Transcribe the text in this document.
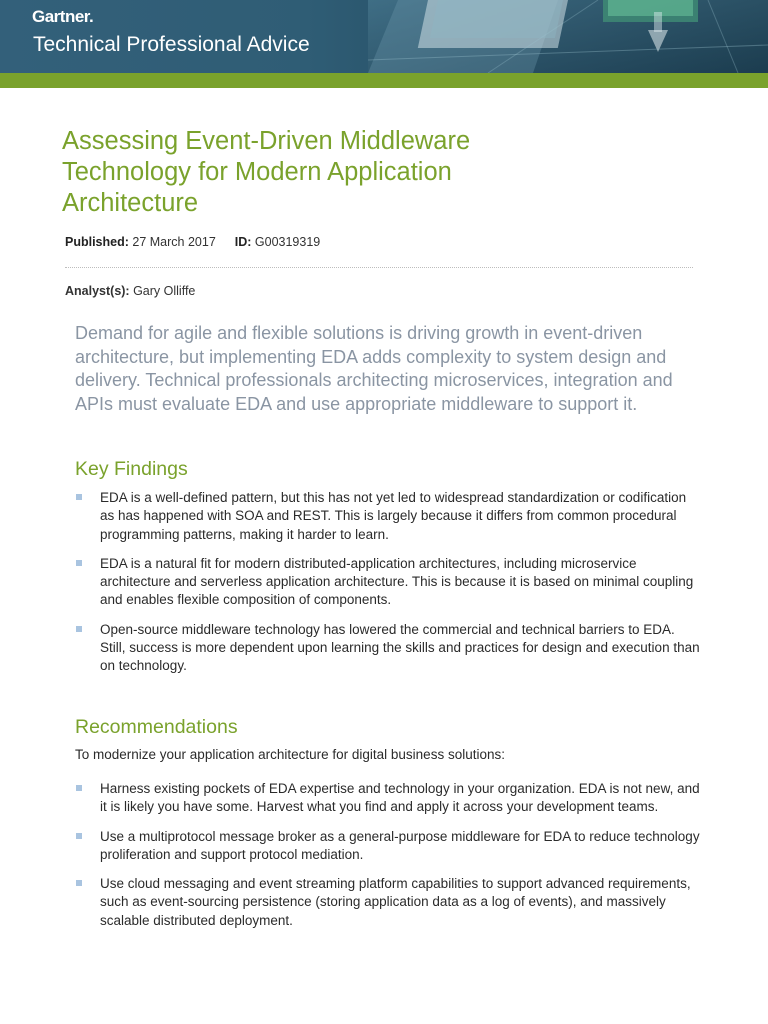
Gartner.
Technical Professional Advice
Assessing Event-Driven Middleware Technology for Modern Application Architecture
Published: 27 March 2017 ID: G00319319
Analyst(s): Gary Olliffe

Demand for agile and flexible solutions is driving growth in event-driven architecture, but implementing EDA adds complexity to system design and delivery. Technical professionals architecting microservices, integration and APIs must evaluate EDA and use appropriate middleware to support it.

Key Findings
EDA is a well-defined pattern, but this has not yet led to widespread standardization or codification as has happened with SOA and REST. This is largely because it differs from common procedural programming patterns, making it harder to learn.
EDA is a natural fit for modern distributed-application architectures, including microservice architecture and serverless application architecture. This is because it is based on minimal coupling and enables flexible composition of components.
Open-source middleware technology has lowered the commercial and technical barriers to EDA. Still, success is more dependent upon learning the skills and practices for design and execution than on technology.
Recommendations

To modernize your application architecture for digital business solutions:

Harness existing pockets of EDA expertise and technology in your organization. EDA is not new, and it is likely you have some. Harvest what you find and apply it across your development teams.
Use a multiprotocol message broker as a general-purpose middleware for EDA to reduce technology proliferation and support protocol mediation.
Use cloud messaging and event streaming platform capabilities to support advanced requirements, such as event-sourcing persistence (storing application data as a log of events), and massively scalable distributed deployment.
